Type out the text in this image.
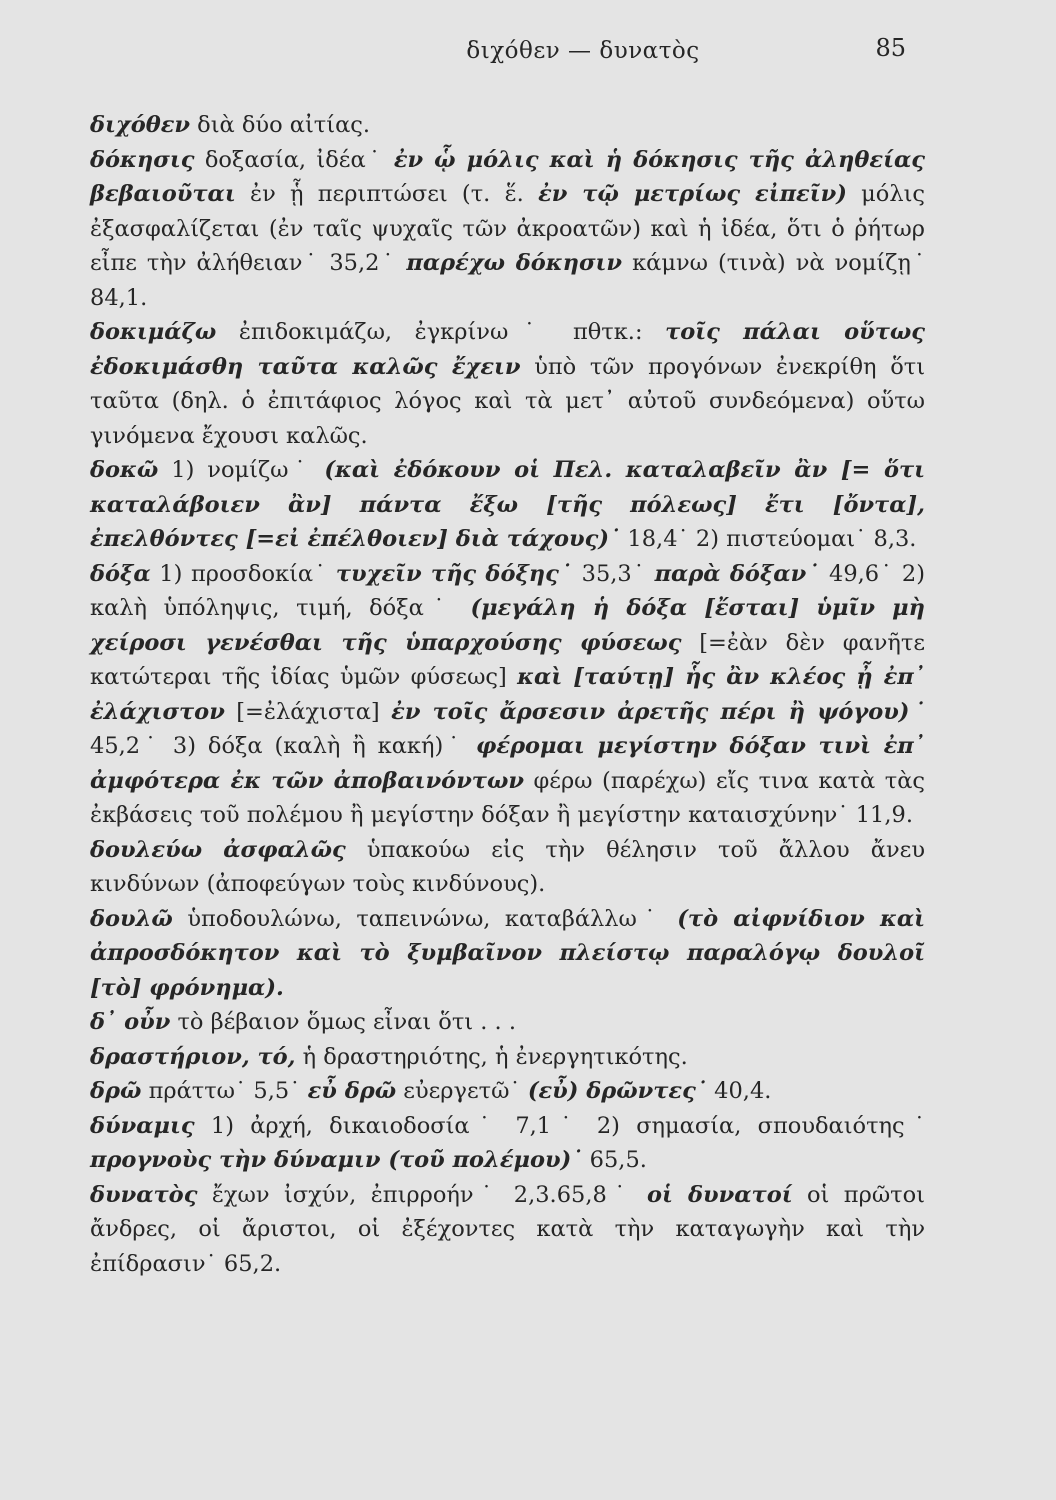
διχόθεν — δυνατὸς	85

διχόθεν διὰ δύο αἰτίας.

δόκησις δοξασία, ἰδέα˙ ἐν ᾧ μόλις καὶ ἡ δόκησις τῆς ἀληθείας βεβαιοῦται ἐν ᾗ περιπτώσει (τ. ἕ. ἐν τῷ μετρίως εἰπεῖν) μόλις ἐξασφαλίζεται (ἐν ταῖς ψυχαῖς τῶν ἀκροατῶν) καὶ ἡ ἰδέα, ὅτι ὁ ῥήτωρ εἶπε τὴν ἀλήθειαν˙ 35,2˙ παρέχω δόκησιν κάμνω (τινὰ) νὰ νομίζῃ˙ 84,1.

δοκιμάζω ἐπιδοκιμάζω, ἐγκρίνω˙ πθτκ.: τοῖς πάλαι οὕτως ἐδοκιμάσθη ταῦτα καλῶς ἔχειν ὑπὸ τῶν προγόνων ἐνεκρίθη ὅτι ταῦτα (δηλ. ὁ ἐπιτάφιος λόγος καὶ τὰ μετ᾿ αὐτοῦ συνδεόμενα) οὕτω γινόμενα ἔχουσι καλῶς.

δοκῶ 1) νομίζω˙ (καὶ ἐδόκουν οἱ Πελ. καταλαβεῖν ἂν [= ὅτι καταλάβοιεν ἂν] πάντα ἔξω [τῆς πόλεως] ἔτι [ὄντα], ἐπελθόντες [=εἰ ἐπέλθοιεν] διὰ τάχους)˙ 18,4˙ 2) πιστεύομαι˙ 8,3.

δόξα 1) προσδοκία˙ τυχεῖν τῆς δόξης˙ 35,3˙ παρὰ δόξαν˙ 49,6˙ 2) καλὴ ὑπόληψις, τιμή, δόξα˙ (μεγάλη ἡ δόξα [ἔσται] ὑμῖν μὴ χείροσι γενέσθαι τῆς ὑπαρχούσης φύσεως [=ἐὰν δὲν φανῆτε κατώτεραι τῆς ἰδίας ὑμῶν φύσεως] καὶ [ταύτῃ] ἧς ἂν κλέος ᾖ ἐπ᾿ ἐλάχιστον [=ἐλάχιστα] ἐν τοῖς ἄρσεσιν ἀρετῆς πέρι ἢ ψόγου)˙ 45,2˙ 3) δόξα (καλὴ ἢ κακή)˙ φέρομαι μεγίστην δόξαν τινὶ ἐπ᾿ ἀμφότερα ἐκ τῶν ἀποβαινόντων φέρω (παρέχω) εἴς τινα κατὰ τὰς ἐκβάσεις τοῦ πολέμου ἢ μεγίστην δόξαν ἢ μεγίστην καταισχύνην˙ 11,9.

δουλεύω ἀσφαλῶς ὑπακούω εἰς τὴν θέλησιν τοῦ ἄλλου ἄνευ κινδύνων (ἀποφεύγων τοὺς κινδύνους).

δουλῶ ὑποδουλώνω, ταπεινώνω, καταβάλλω˙ (τὸ αἰφνίδιον καὶ ἀπροσδόκητον καὶ τὸ ξυμβαῖνον πλείστῳ παραλόγῳ δουλοῖ [τὸ] φρόνημα).

δ᾿ οὖν τὸ βέβαιον ὅμως εἶναι ὅτι . . .

δραστήριον, τό, ἡ δραστηριότης, ἡ ἐνεργητικότης.

δρῶ πράττω˙ 5,5˙ εὖ δρῶ εὐεργετῶ˙ (εὖ) δρῶντες˙ 40,4.

δύναμις 1) ἀρχή, δικαιοδοσία˙ 7,1˙ 2) σημασία, σπουδαιότης˙ προγνοὺς τὴν δύναμιν (τοῦ πολέμου)˙ 65,5.

δυνατὸς ἔχων ἰσχύν, ἐπιρροήν˙ 2,3.65,8˙ οἱ δυνατοί οἱ πρῶτοι ἄνδρες, οἱ ἄριστοι, οἱ ἐξέχοντες κατὰ τὴν καταγωγὴν καὶ τὴν ἐπίδρασιν˙ 65,2.
